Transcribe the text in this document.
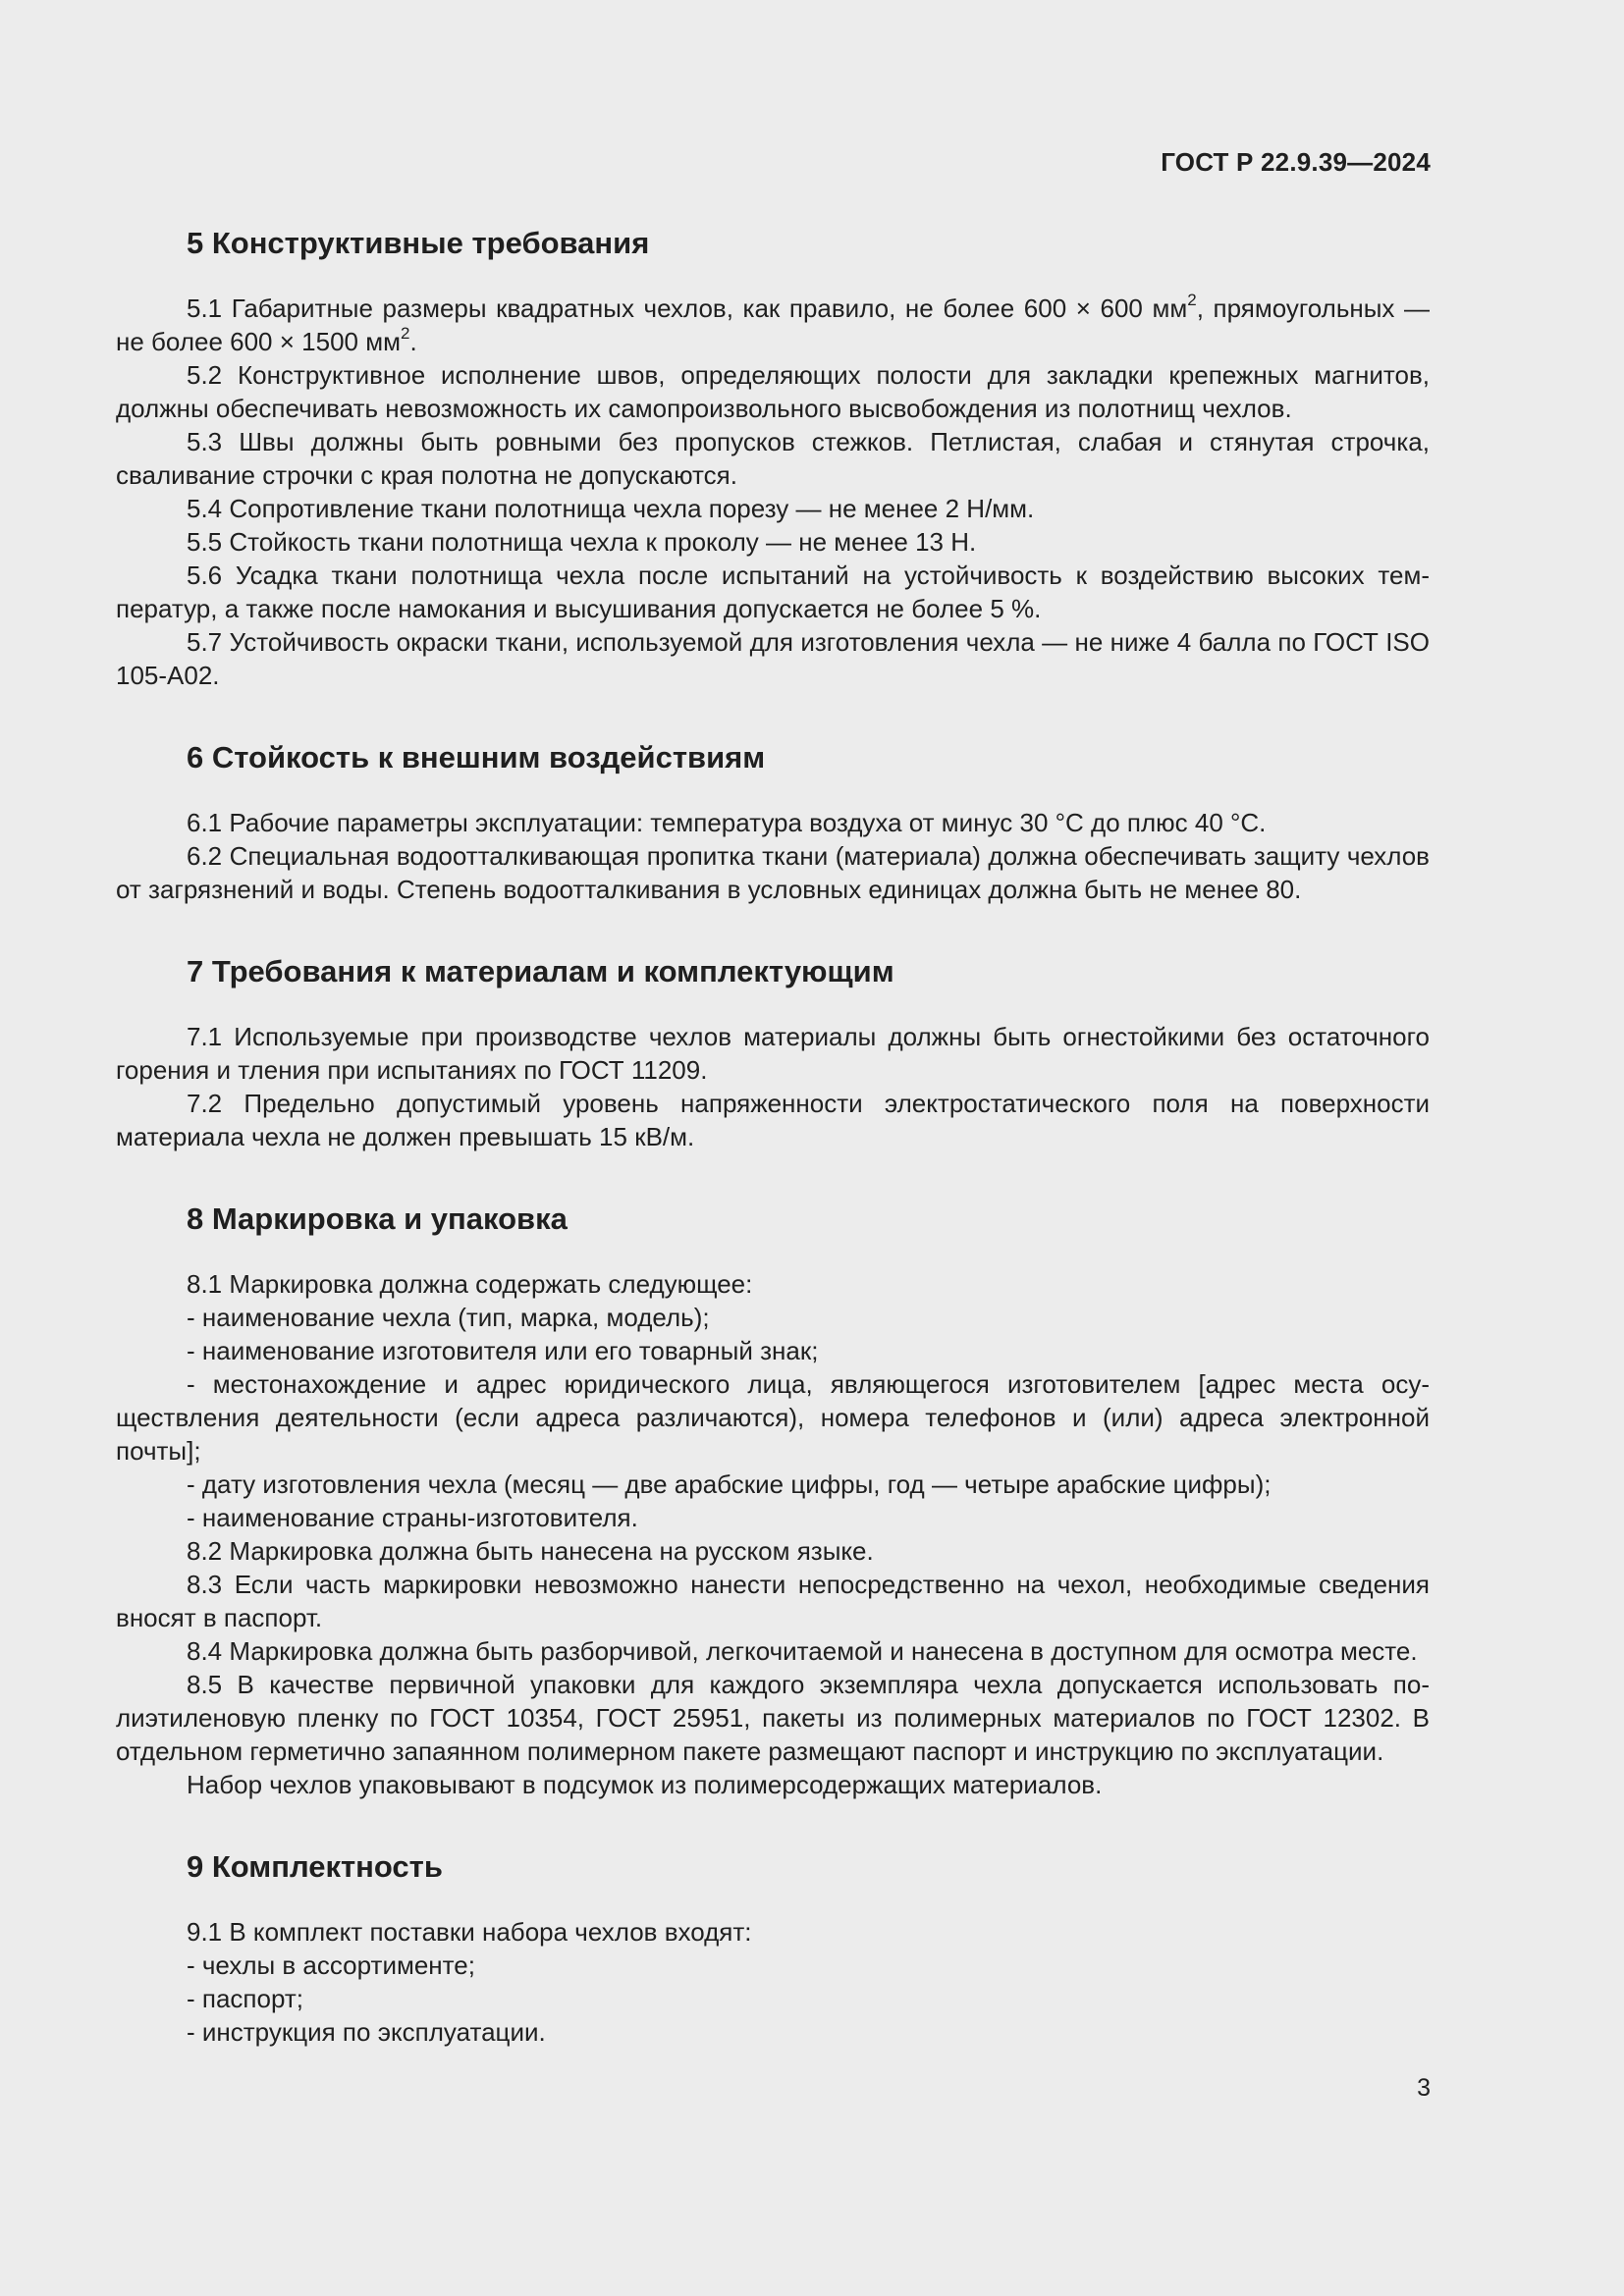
ГОСТ Р 22.9.39—2024
5 Конструктивные требования

5.1 Габаритные размеры квадратных чехлов, как правило, не более 600 × 600 $мм^2$, прямоугольных — не более 600 × 1500 $мм^2$.

5.2 Конструктивное исполнение швов, определяющих полости для закладки крепежных магнитов, должны обеспечивать невозможность их самопроизвольного высвобождения из полотнищ чехлов.

5.3 Швы должны быть ровными без пропусков стежков. Петлистая, слабая и стянутая строчка, сваливание строчки с края полотна не допускаются.

5.4 Сопротивление ткани полотнища чехла порезу — не менее 2 Н/мм.

5.5 Стойкость ткани полотнища чехла к проколу — не менее 13 Н.

5.6 Усадка ткани полотнища чехла после испытаний на устойчивость к воздействию высоких температур, а также после намокания и высушивания допускается не более 5 %.

5.7 Устойчивость окраски ткани, используемой для изготовления чехла — не ниже 4 балла по ГОСТ ISO 105-A02.

6 Стойкость к внешним воздействиям

6.1 Рабочие параметры эксплуатации: температура воздуха от минус 30 °С до плюс 40 °С.

6.2 Специальная водоотталкивающая пропитка ткани (материала) должна обеспечивать защиту чехлов от загрязнений и воды. Степень водоотталкивания в условных единицах должна быть не менее 80.

7 Требования к материалам и комплектующим

7.1 Используемые при производстве чехлов материалы должны быть огнестойкими без остаточного горения и тления при испытаниях по ГОСТ 11209.

7.2 Предельно допустимый уровень напряженности электростатического поля на поверхности материала чехла не должен превышать 15 кВ/м.

8 Маркировка и упаковка

8.1 Маркировка должна содержать следующее:

- наименование чехла (тип, марка, модель);

- наименование изготовителя или его товарный знак;

- местонахождение и адрес юридического лица, являющегося изготовителем [адрес места осуществления деятельности (если адреса различаются), номера телефонов и (или) адреса электронной почты];

- дату изготовления чехла (месяц — две арабские цифры, год — четыре арабские цифры);

- наименование страны-изготовителя.

8.2 Маркировка должна быть нанесена на русском языке.

8.3 Если часть маркировки невозможно нанести непосредственно на чехол, необходимые сведения вносят в паспорт.

8.4 Маркировка должна быть разборчивой, легкочитаемой и нанесена в доступном для осмотра месте.

8.5 В качестве первичной упаковки для каждого экземпляра чехла допускается использовать полиэтиленовую пленку по ГОСТ 10354, ГОСТ 25951, пакеты из полимерных материалов по ГОСТ 12302. В отдельном герметично запаянном полимерном пакете размещают паспорт и инструкцию по эксплуатации.

Набор чехлов упаковывают в подсумок из полимерсодержащих материалов.

9 Комплектность

9.1 В комплект поставки набора чехлов входят:

- чехлы в ассортименте;

- паспорт;

- инструкция по эксплуатации.

3
